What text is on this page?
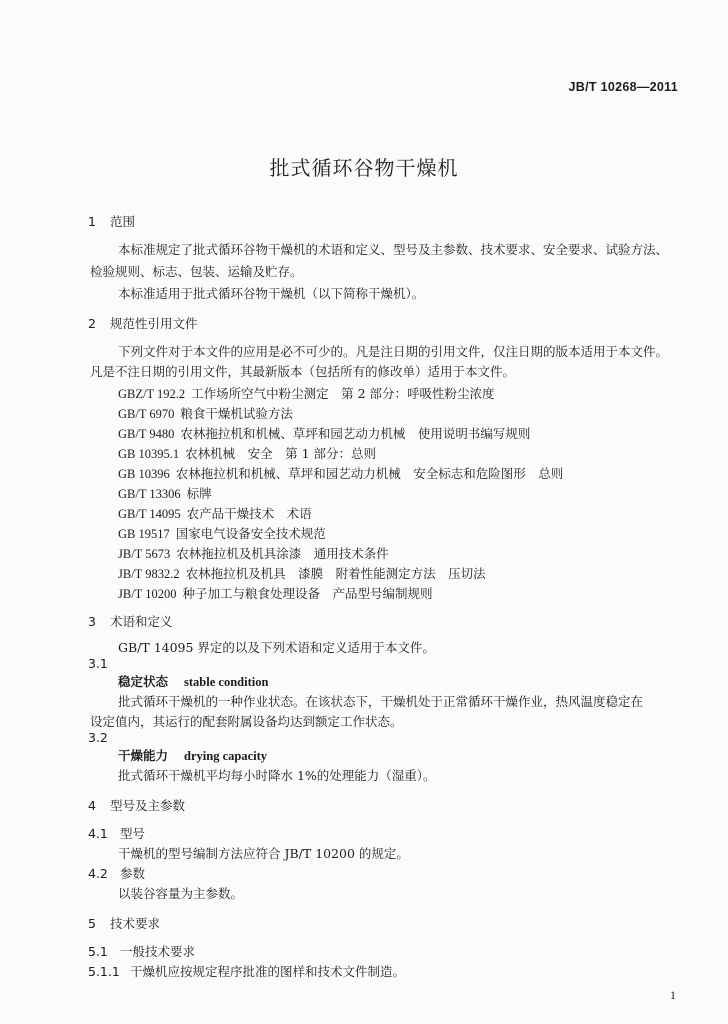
JB/T 10268—2011
批式循环谷物干燥机
1 范围
本标准规定了批式循环谷物干燥机的术语和定义、型号及主参数、技术要求、安全要求、试验方法、
检验规则、标志、包装、运输及贮存。
本标准适用于批式循环谷物干燥机（以下简称干燥机）。
2 规范性引用文件
下列文件对于本文件的应用是必不可少的。凡是注日期的引用文件，仅注日期的版本适用于本文件。
凡是不注日期的引用文件，其最新版本（包括所有的修改单）适用于本文件。
GBZ/T 192.2 工作场所空气中粉尘测定　第 2 部分：呼吸性粉尘浓度
GB/T 6970 粮食干燥机试验方法
GB/T 9480 农林拖拉机和机械、草坪和园艺动力机械　使用说明书编写规则
GB 10395.1 农林机械　安全　第 1 部分：总则
GB 10396 农林拖拉机和机械、草坪和园艺动力机械　安全标志和危险图形　总则
GB/T 13306 标牌
GB/T 14095 农产品干燥技术　术语
GB 19517 国家电气设备安全技术规范
JB/T 5673 农林拖拉机及机具涂漆　通用技术条件
JB/T 9832.2 农林拖拉机及机具　漆膜　附着性能测定方法　压切法
JB/T 10200 种子加工与粮食处理设备　产品型号编制规则
3 术语和定义
GB/T 14095 界定的以及下列术语和定义适用于本文件。
3.1
稳定状态 stable condition
批式循环干燥机的一种作业状态。在该状态下，干燥机处于正常循环干燥作业，热风温度稳定在
设定值内，其运行的配套附属设备均达到额定工作状态。
3.2
干燥能力 drying capacity
批式循环干燥机平均每小时降水 1%的处理能力（湿重）。
4 型号及主参数
4.1 型号
干燥机的型号编制方法应符合 JB/T 10200 的规定。
4.2 参数
以装谷容量为主参数。
5 技术要求
5.1 一般技术要求
5.1.1 干燥机应按规定程序批准的图样和技术文件制造。
1
